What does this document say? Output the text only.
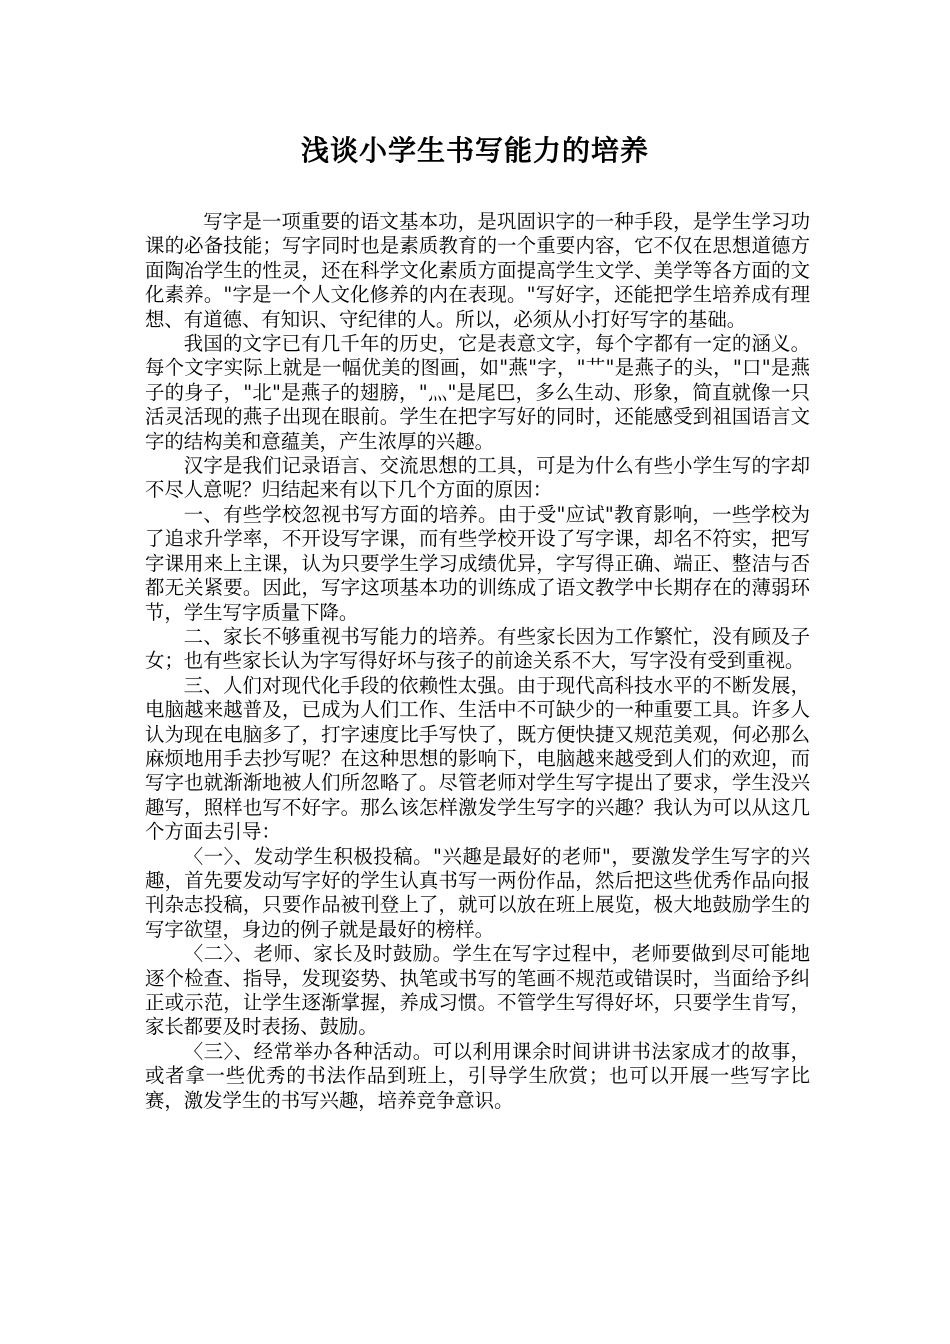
浅谈小学生书写能力的培养

写字是一项重要的语文基本功，是巩固识字的一种手段，是学生学习功课的必备技能；写字同时也是素质教育的一个重要内容，它不仅在思想道德方面陶冶学生的性灵，还在科学文化素质方面提高学生文学、美学等各方面的文化素养。"字是一个人文化修养的内在表现。"写好字，还能把学生培养成有理想、有道德、有知识、守纪律的人。所以，必须从小打好写字的基础。

我国的文字已有几千年的历史，它是表意文字，每个字都有一定的涵义。每个文字实际上就是一幅优美的图画，如"燕"字，"艹"是燕子的头，"口"是燕子的身子，"北"是燕子的翅膀，"灬"是尾巴，多么生动、形象，简直就像一只活灵活现的燕子出现在眼前。学生在把字写好的同时，还能感受到祖国语言文字的结构美和意蕴美，产生浓厚的兴趣。

汉字是我们记录语言、交流思想的工具，可是为什么有些小学生写的字却不尽人意呢？归结起来有以下几个方面的原因：

一、有些学校忽视书写方面的培养。由于受"应试"教育影响，一些学校为了追求升学率，不开设写字课，而有些学校开设了写字课，却名不符实，把写字课用来上主课，认为只要学生学习成绩优异，字写得正确、端正、整洁与否都无关紧要。因此，写字这项基本功的训练成了语文教学中长期存在的薄弱环节，学生写字质量下降。

二、家长不够重视书写能力的培养。有些家长因为工作繁忙，没有顾及子女；也有些家长认为字写得好坏与孩子的前途关系不大，写字没有受到重视。

三、人们对现代化手段的依赖性太强。由于现代高科技水平的不断发展，电脑越来越普及，已成为人们工作、生活中不可缺少的一种重要工具。许多人认为现在电脑多了，打字速度比手写快了，既方便快捷又规范美观，何必那么麻烦地用手去抄写呢？在这种思想的影响下，电脑越来越受到人们的欢迎，而写字也就渐渐地被人们所忽略了。尽管老师对学生写字提出了要求，学生没兴趣写，照样也写不好字。那么该怎样激发学生写字的兴趣？我认为可以从这几个方面去引导：

〈一〉、发动学生积极投稿。"兴趣是最好的老师"，要激发学生写字的兴趣，首先要发动写字好的学生认真书写一两份作品，然后把这些优秀作品向报刊杂志投稿，只要作品被刊登上了，就可以放在班上展览，极大地鼓励学生的写字欲望，身边的例子就是最好的榜样。

〈二〉、老师、家长及时鼓励。学生在写字过程中，老师要做到尽可能地逐个检查、指导，发现姿势、执笔或书写的笔画不规范或错误时，当面给予纠正或示范，让学生逐渐掌握，养成习惯。不管学生写得好坏，只要学生肯写，家长都要及时表扬、鼓励。

〈三〉、经常举办各种活动。可以利用课余时间讲讲书法家成才的故事，或者拿一些优秀的书法作品到班上，引导学生欣赏；也可以开展一些写字比赛，激发学生的书写兴趣，培养竞争意识。
